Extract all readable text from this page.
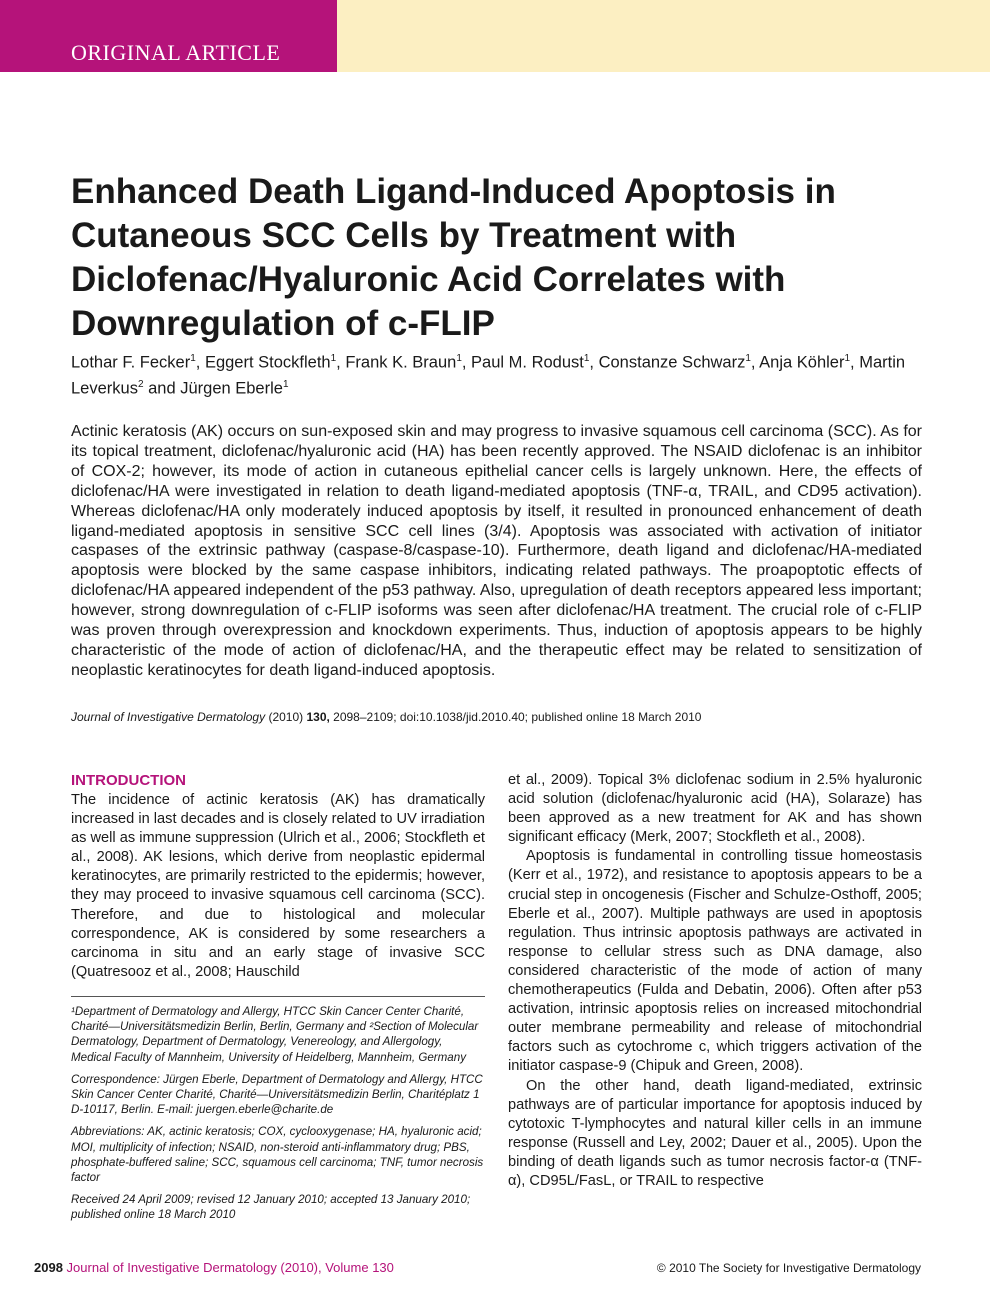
ORIGINAL ARTICLE
Enhanced Death Ligand-Induced Apoptosis in Cutaneous SCC Cells by Treatment with Diclofenac/Hyaluronic Acid Correlates with Downregulation of c-FLIP
Lothar F. Fecker$^1$, Eggert Stockfleth$^1$, Frank K. Braun$^1$, Paul M. Rodust$^1$, Constanze Schwarz$^1$, Anja Köhler$^1$, Martin Leverkus$^2$ and Jürgen Eberle$^1$

Actinic keratosis (AK) occurs on sun-exposed skin and may progress to invasive squamous cell carcinoma (SCC). As for its topical treatment, diclofenac/hyaluronic acid (HA) has been recently approved. The NSAID diclofenac is an inhibitor of COX-2; however, its mode of action in cutaneous epithelial cancer cells is largely unknown. Here, the effects of diclofenac/HA were investigated in relation to death ligand-mediated apoptosis (TNF-α, TRAIL, and CD95 activation). Whereas diclofenac/HA only moderately induced apoptosis by itself, it resulted in pronounced enhancement of death ligand-mediated apoptosis in sensitive SCC cell lines (3/4). Apoptosis was associated with activation of initiator caspases of the extrinsic pathway (caspase-8/caspase-10). Furthermore, death ligand and diclofenac/HA-mediated apoptosis were blocked by the same caspase inhibitors, indicating related pathways. The proapoptotic effects of diclofenac/HA appeared independent of the p53 pathway. Also, upregulation of death receptors appeared less important; however, strong downregulation of c-FLIP isoforms was seen after diclofenac/HA treatment. The crucial role of c-FLIP was proven through overexpression and knockdown experiments. Thus, induction of apoptosis appears to be highly characteristic of the mode of action of diclofenac/HA, and the therapeutic effect may be related to sensitization of neoplastic keratinocytes for death ligand-induced apoptosis.

Journal of Investigative Dermatology (2010) 130, 2098–2109; doi:10.1038/jid.2010.40; published online 18 March 2010
INTRODUCTION

The incidence of actinic keratosis (AK) has dramatically increased in last decades and is closely related to UV irradiation as well as immune suppression (Ulrich et al., 2006; Stockfleth et al., 2008). AK lesions, which derive from neoplastic epidermal keratinocytes, are primarily restricted to the epidermis; however, they may proceed to invasive squamous cell carcinoma (SCC). Therefore, and due to histological and molecular correspondence, AK is considered by some researchers a carcinoma in situ and an early stage of invasive SCC (Quatresooz et al., 2008; Hauschild

¹Department of Dermatology and Allergy, HTCC Skin Cancer Center Charité, Charité—Universitätsmedizin Berlin, Berlin, Germany and ²Section of Molecular Dermatology, Department of Dermatology, Venereology, and Allergology, Medical Faculty of Mannheim, University of Heidelberg, Mannheim, Germany

Correspondence: Jürgen Eberle, Department of Dermatology and Allergy, HTCC Skin Cancer Center Charité, Charité—Universitätsmedizin Berlin, Charitéplatz 1 D-10117, Berlin. E-mail: juergen.eberle@charite.de

Abbreviations: AK, actinic keratosis; COX, cyclooxygenase; HA, hyaluronic acid; MOI, multiplicity of infection; NSAID, non-steroid anti-inflammatory drug; PBS, phosphate-buffered saline; SCC, squamous cell carcinoma; TNF, tumor necrosis factor

Received 24 April 2009; revised 12 January 2010; accepted 13 January 2010; published online 18 March 2010

et al., 2009). Topical 3% diclofenac sodium in 2.5% hyaluronic acid solution (diclofenac/hyaluronic acid (HA), Solaraze) has been approved as a new treatment for AK and has shown significant efficacy (Merk, 2007; Stockfleth et al., 2008).

Apoptosis is fundamental in controlling tissue homeostasis (Kerr et al., 1972), and resistance to apoptosis appears to be a crucial step in oncogenesis (Fischer and Schulze-Osthoff, 2005; Eberle et al., 2007). Multiple pathways are used in apoptosis regulation. Thus intrinsic apoptosis pathways are activated in response to cellular stress such as DNA damage, also considered characteristic of the mode of action of many chemotherapeutics (Fulda and Debatin, 2006). Often after p53 activation, intrinsic apoptosis relies on increased mitochondrial outer membrane permeability and release of mitochondrial factors such as cytochrome c, which triggers activation of the initiator caspase-9 (Chipuk and Green, 2008).

On the other hand, death ligand-mediated, extrinsic pathways are of particular importance for apoptosis induced by cytotoxic T-lymphocytes and natural killer cells in an immune response (Russell and Ley, 2002; Dauer et al., 2005). Upon the binding of death ligands such as tumor necrosis factor-α (TNF-α), CD95L/FasL, or TRAIL to respective

2098 Journal of Investigative Dermatology (2010), Volume 130	© 2010 The Society for Investigative Dermatology
